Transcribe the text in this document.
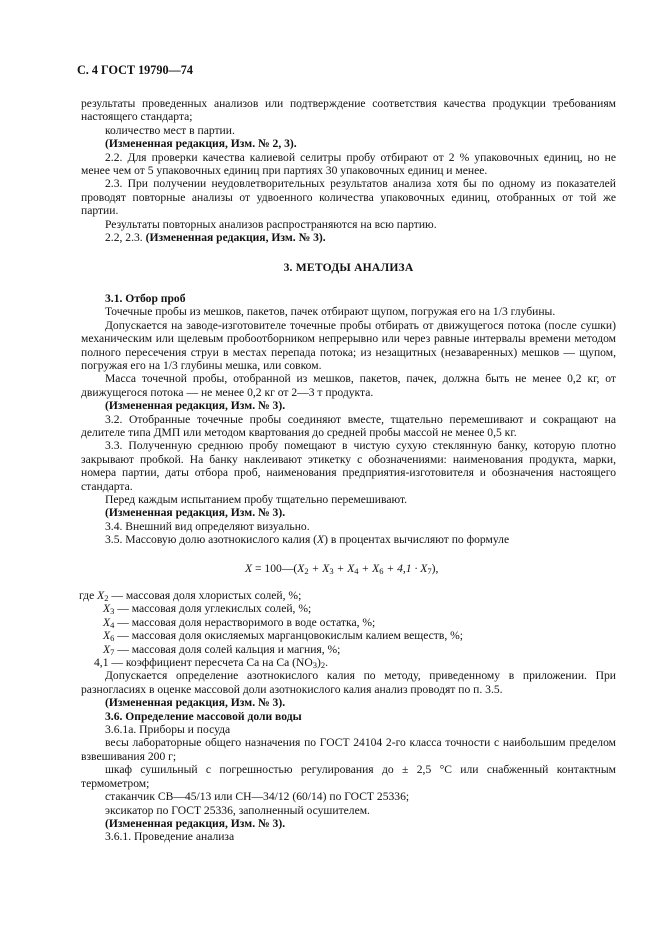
С. 4 ГОСТ 19790—74

результаты проведенных анализов или подтверждение соответствия качества продукции требованиям настоящего стандарта;

количество мест в партии.

(Измененная редакция, Изм. № 2, 3).

2.2. Для проверки качества калиевой селитры пробу отбирают от 2 % упаковочных единиц, но не менее чем от 5 упаковочных единиц при партиях 30 упаковочных единиц и менее.

2.3. При получении неудовлетворительных результатов анализа хотя бы по одному из показателей проводят повторные анализы от удвоенного количества упаковочных единиц, отобранных от той же партии.

Результаты повторных анализов распространяются на всю партию.

2.2, 2.3. (Измененная редакция, Изм. № 3).

3. МЕТОДЫ АНАЛИЗА

3.1. Отбор проб

Точечные пробы из мешков, пакетов, пачек отбирают щупом, погружая его на 1/3 глубины.

Допускается на заводе-изготовителе точечные пробы отбирать от движущегося потока (после сушки) механическим или щелевым пробоотборником непрерывно или через равные интервалы времени методом полного пересечения струи в местах перепада потока; из незащитных (незаваренных) мешков — щупом, погружая его на 1/3 глубины мешка, или совком.

Масса точечной пробы, отобранной из мешков, пакетов, пачек, должна быть не менее 0,2 кг, от движущегося потока — не менее 0,2 кг от 2—3 т продукта.

(Измененная редакция, Изм. № 3).

3.2. Отобранные точечные пробы соединяют вместе, тщательно перемешивают и сокращают на делителе типа ДМП или методом квартования до средней пробы массой не менее 0,5 кг.

3.3. Полученную среднюю пробу помещают в чистую сухую стеклянную банку, которую плотно закрывают пробкой. На банку наклеивают этикетку с обозначениями: наименования продукта, марки, номера партии, даты отбора проб, наименования предприятия-изготовителя и обозначения настоящего стандарта.

Перед каждым испытанием пробу тщательно перемешивают.

(Измененная редакция, Изм. № 3).

3.4. Внешний вид определяют визуально.

3.5. Массовую долю азотнокислого калия (X) в процентах вычисляют по формуле

$X = 100—(X_2 + X_3 + X_4 + X_6 + 4,1 \cdot X_7)$,
где $X_2$ — массовая доля хлористых солей, %;
$X_3$ — массовая доля углекислых солей, %;
$X_4$ — массовая доля нерастворимого в воде остатка, %;
$X_6$ — массовая доля окисляемых марганцовокислым калием веществ, %;
$X_7$ — массовая доля солей кальция и магния, %;
4,1 — коэффициент пересчета Са на Са $(NO_3)_2$.

Допускается определение азотнокислого калия по методу, приведенному в приложении. При разногласиях в оценке массовой доли азотнокислого калия анализ проводят по п. 3.5.

(Измененная редакция, Изм. № 3).

3.6. Определение массовой доли воды

3.6.1а. Приборы и посуда

весы лабораторные общего назначения по ГОСТ 24104 2-го класса точности с наибольшим пределом взвешивания 200 г;

шкаф сушильный с погрешностью регулирования до ± 2,5 °С или снабженный контактным термометром;

стаканчик СВ—45/13 или СН—34/12 (60/14) по ГОСТ 25336;

эксикатор по ГОСТ 25336, заполненный осушителем.

(Измененная редакция, Изм. № 3).

3.6.1. Проведение анализа
